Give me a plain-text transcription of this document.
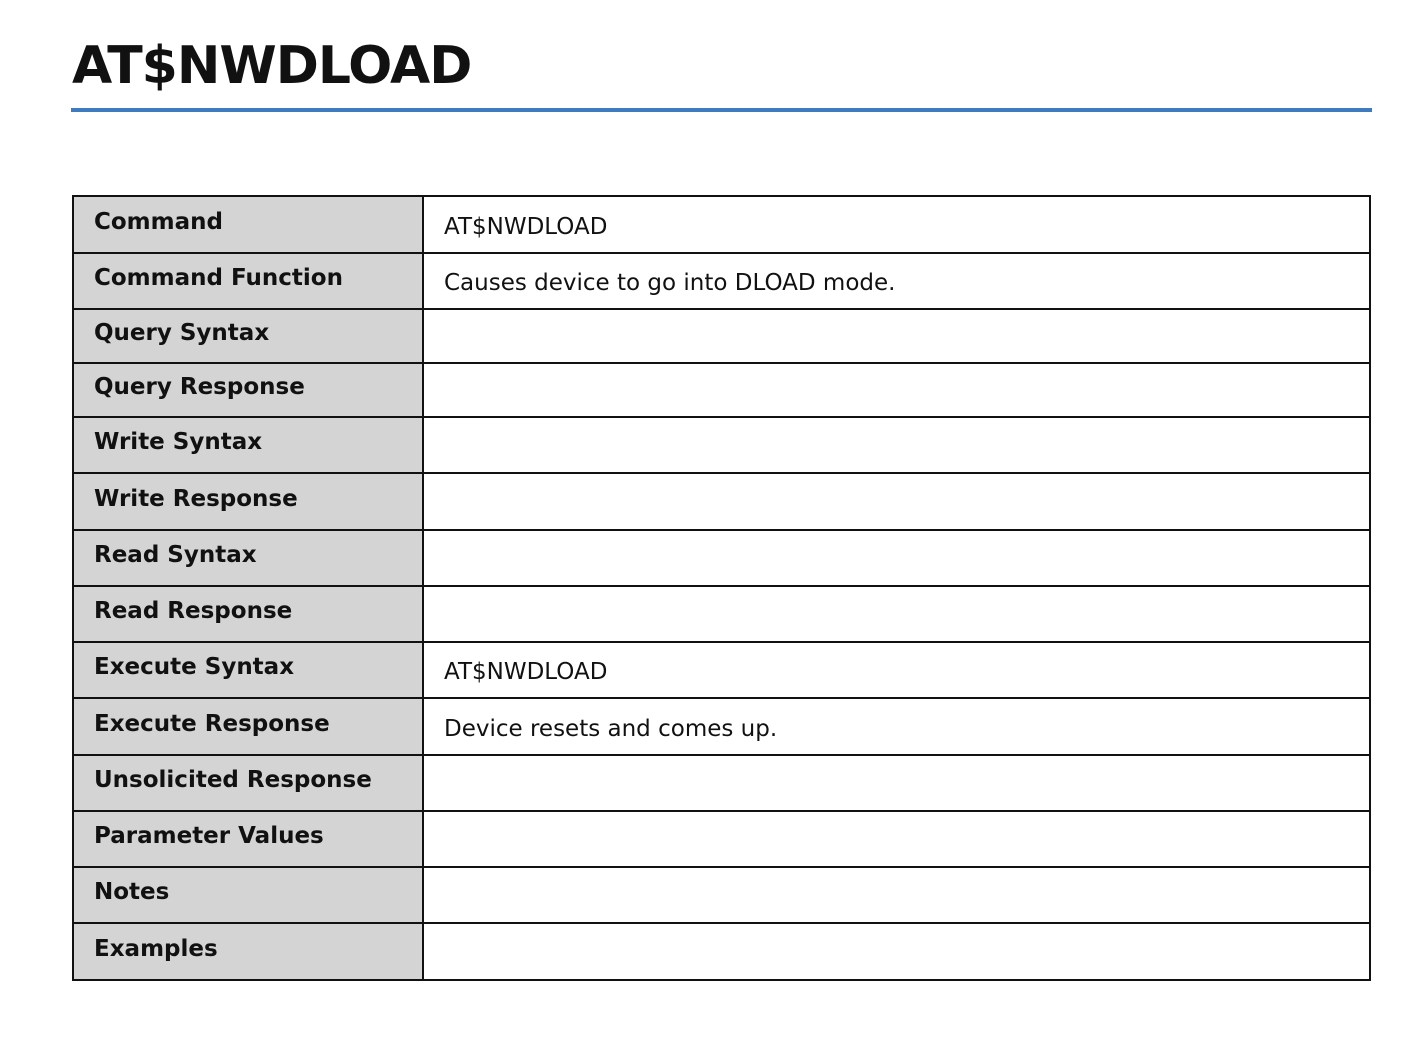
AT$NWDLOAD
Command	AT$NWDLOAD
Command Function	Causes device to go into DLOAD mode.
Query Syntax	
Query Response	
Write Syntax	
Write Response	
Read Syntax	
Read Response	
Execute Syntax	AT$NWDLOAD
Execute Response	Device resets and comes up.
Unsolicited Response	
Parameter Values	
Notes	
Examples	
